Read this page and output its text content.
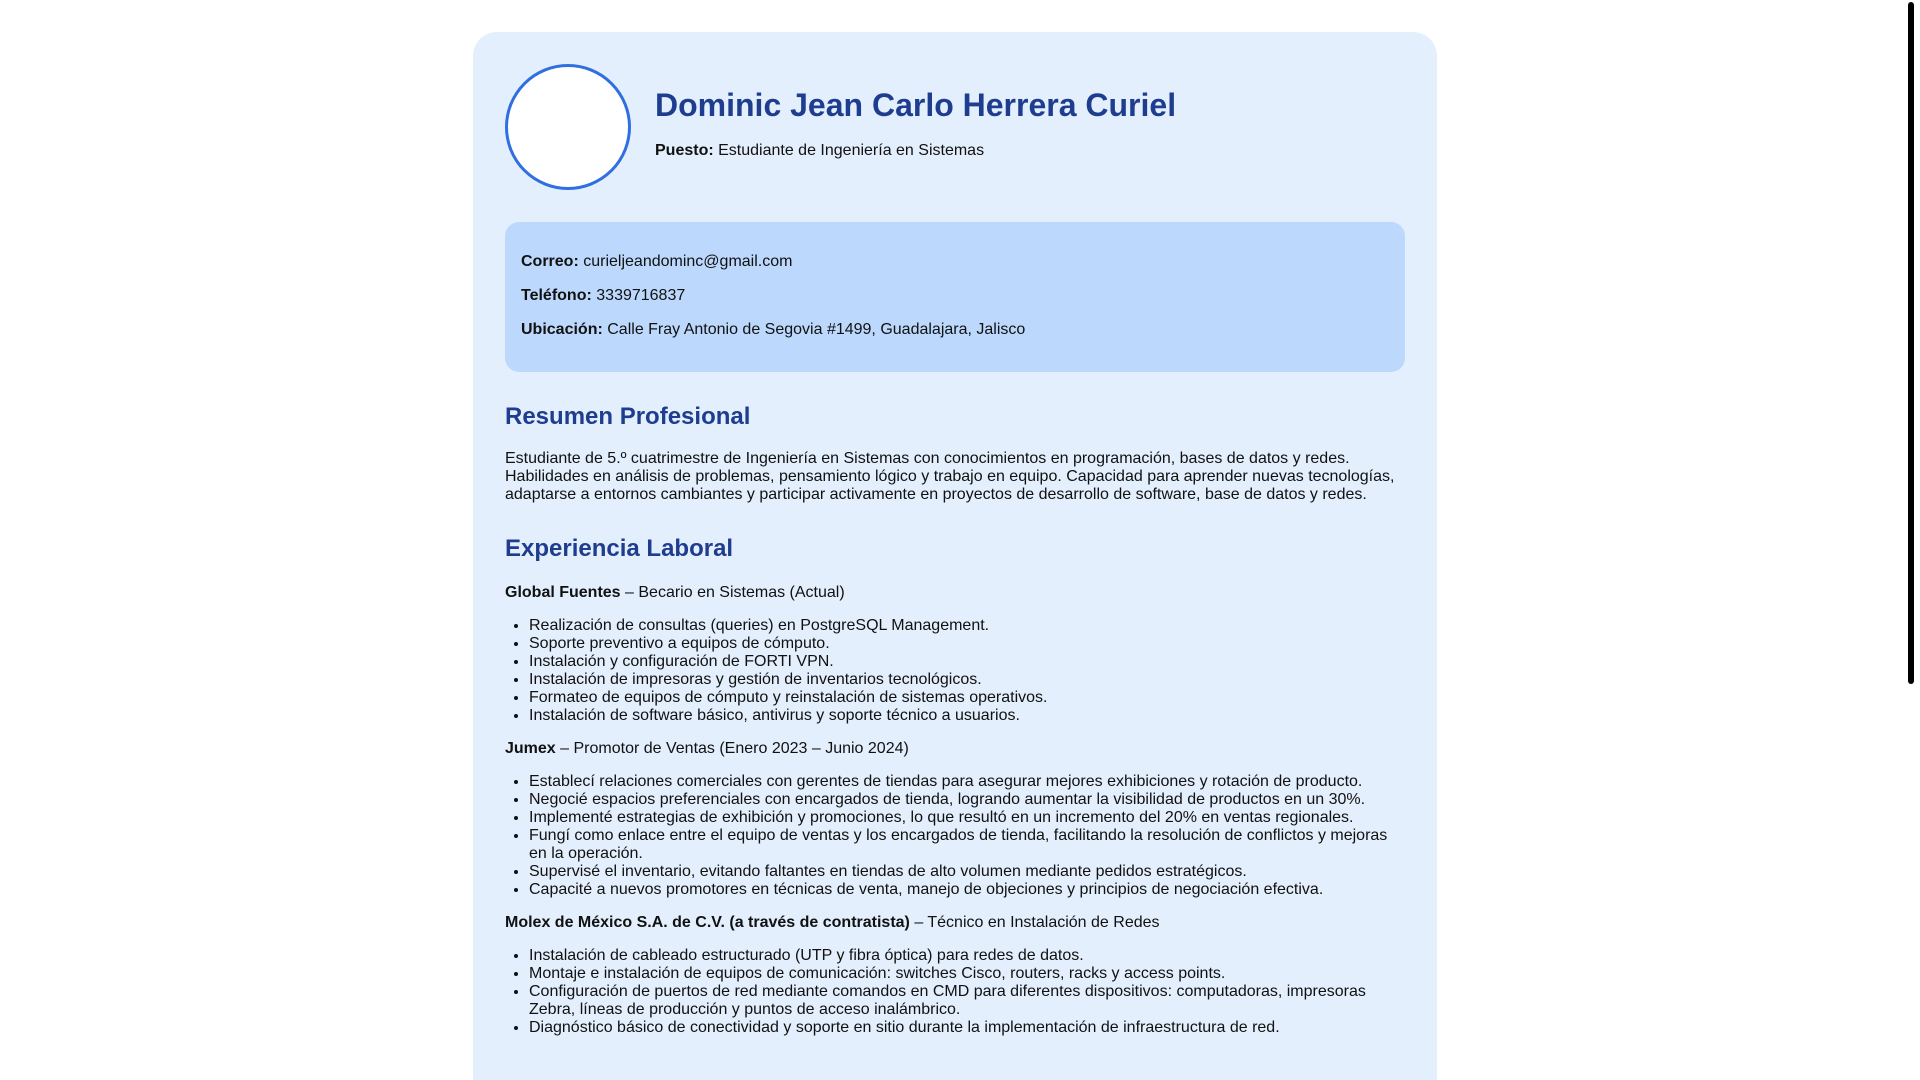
Dominic Jean Carlo Herrera Curiel
Puesto: Estudiante de Ingeniería en Sistemas
Correo: curieljeandominc@gmail.com
Teléfono: 3339716837
Ubicación: Calle Fray Antonio de Segovia #1499, Guadalajara, Jalisco
Resumen Profesional

Estudiante de 5.º cuatrimestre de Ingeniería en Sistemas con conocimientos en programación, bases de datos y redes. Habilidades en análisis de problemas, pensamiento lógico y trabajo en equipo. Capacidad para aprender nuevas tecnologías, adaptarse a entornos cambiantes y participar activamente en proyectos de desarrollo de software, base de datos y redes.

Experiencia Laboral

Global Fuentes – Becario en Sistemas (Actual)

• Realización de consultas (queries) en PostgreSQL Management.
• Soporte preventivo a equipos de cómputo.
• Instalación y configuración de FORTI VPN.
• Instalación de impresoras y gestión de inventarios tecnológicos.
• Formateo de equipos de cómputo y reinstalación de sistemas operativos.
• Instalación de software básico, antivirus y soporte técnico a usuarios.

Jumex – Promotor de Ventas (Enero 2023 – Junio 2024)

• Establecí relaciones comerciales con gerentes de tiendas para asegurar mejores exhibiciones y rotación de producto.
• Negocié espacios preferenciales con encargados de tienda, logrando aumentar la visibilidad de productos en un 30%.
• Implementé estrategias de exhibición y promociones, lo que resultó en un incremento del 20% en ventas regionales.
• Fungí como enlace entre el equipo de ventas y los encargados de tienda, facilitando la resolución de conflictos y mejoras en la operación.
• Supervisé el inventario, evitando faltantes en tiendas de alto volumen mediante pedidos estratégicos.
• Capacité a nuevos promotores en técnicas de venta, manejo de objeciones y principios de negociación efectiva.

Molex de México S.A. de C.V. (a través de contratista) – Técnico en Instalación de Redes

• Instalación de cableado estructurado (UTP y fibra óptica) para redes de datos.
• Montaje e instalación de equipos de comunicación: switches Cisco, routers, racks y access points.
• Configuración de puertos de red mediante comandos en CMD para diferentes dispositivos: computadoras, impresoras Zebra, líneas de producción y puntos de acceso inalámbrico.
• Diagnóstico básico de conectividad y soporte en sitio durante la implementación de infraestructura de red.
